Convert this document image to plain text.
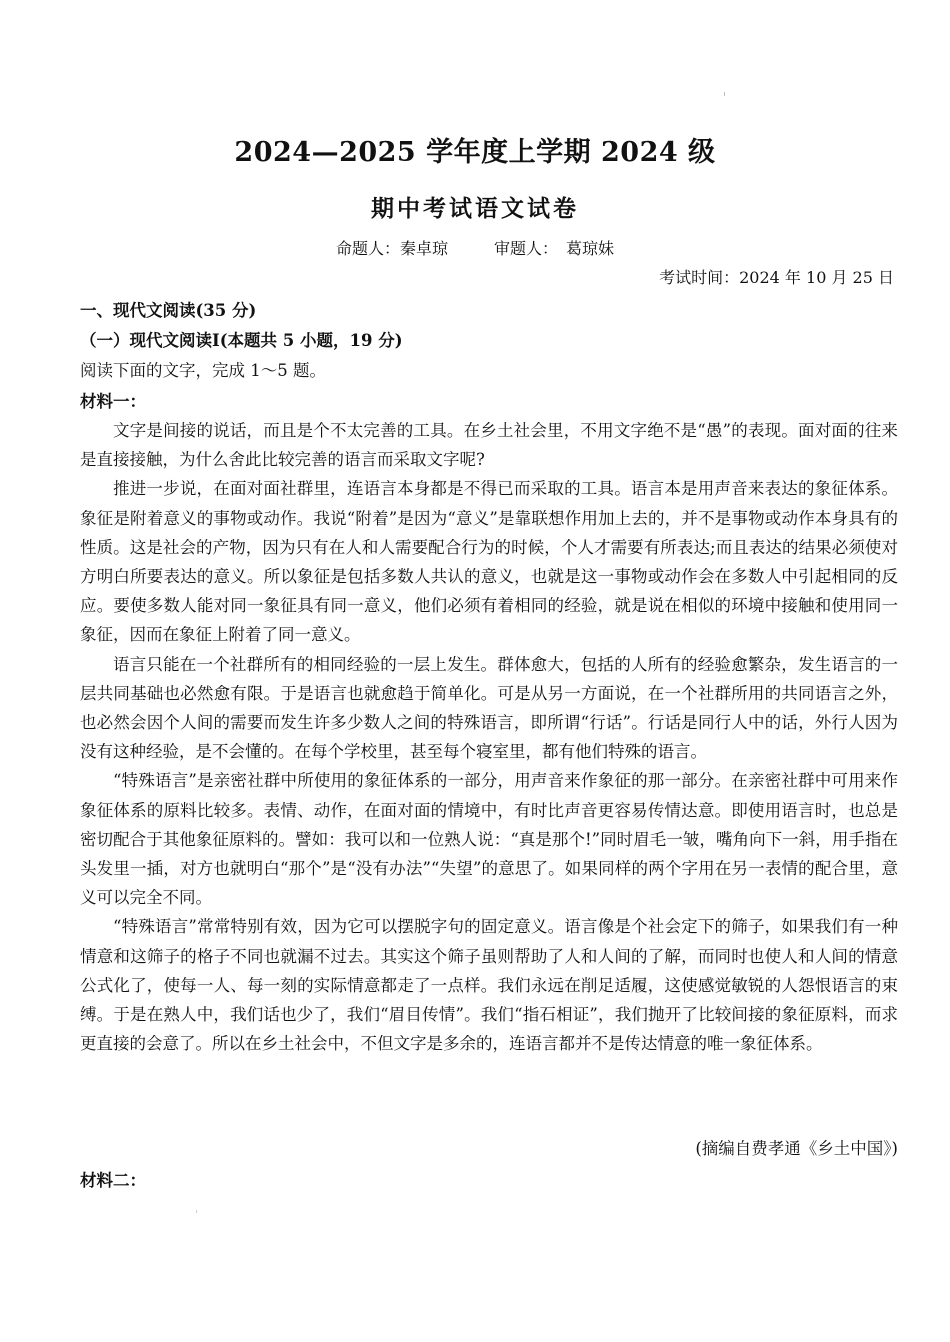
2024—2025 学年度上学期 2024 级
期中考试语文试卷
命题人：秦卓琼	审题人：　葛琼妹
考试时间：2024 年 10 月 25 日
一、现代文阅读(35 分)
（一）现代文阅读Ⅰ(本题共 5 小题，19 分)
阅读下面的文字，完成 1～5 题。
材料一：

文字是间接的说话，而且是个不太完善的工具。在乡土社会里，不用文字绝不是“愚”的表现。面对面的往来是直接接触，为什么舍此比较完善的语言而采取文字呢?

推进一步说，在面对面社群里，连语言本身都是不得已而采取的工具。语言本是用声音来表达的象征体系。象征是附着意义的事物或动作。我说“附着”是因为“意义”是靠联想作用加上去的，并不是事物或动作本身具有的性质。这是社会的产物，因为只有在人和人需要配合行为的时候，个人才需要有所表达;而且表达的结果必须使对方明白所要表达的意义。所以象征是包括多数人共认的意义，也就是这一事物或动作会在多数人中引起相同的反应。要使多数人能对同一象征具有同一意义，他们必须有着相同的经验，就是说在相似的环境中接触和使用同一象征，因而在象征上附着了同一意义。

语言只能在一个社群所有的相同经验的一层上发生。群体愈大，包括的人所有的经验愈繁杂，发生语言的一层共同基础也必然愈有限。于是语言也就愈趋于简单化。可是从另一方面说，在一个社群所用的共同语言之外，也必然会因个人间的需要而发生许多少数人之间的特殊语言，即所谓“行话”。行话是同行人中的话，外行人因为没有这种经验，是不会懂的。在每个学校里，甚至每个寝室里，都有他们特殊的语言。

“特殊语言”是亲密社群中所使用的象征体系的一部分，用声音来作象征的那一部分。在亲密社群中可用来作象征体系的原料比较多。表情、动作，在面对面的情境中，有时比声音更容易传情达意。即使用语言时，也总是密切配合于其他象征原料的。譬如：我可以和一位熟人说：“真是那个!”同时眉毛一皱，嘴角向下一斜，用手指在头发里一插，对方也就明白“那个”是“没有办法”“失望”的意思了。如果同样的两个字用在另一表情的配合里，意义可以完全不同。

“特殊语言”常常特别有效，因为它可以摆脱字句的固定意义。语言像是个社会定下的筛子，如果我们有一种情意和这筛子的格子不同也就漏不过去。其实这个筛子虽则帮助了人和人间的了解，而同时也使人和人间的情意公式化了，使每一人、每一刻的实际情意都走了一点样。我们永远在削足适履，这使感觉敏锐的人怨恨语言的束缚。于是在熟人中，我们话也少了，我们“眉目传情”。我们“指石相证”，我们抛开了比较间接的象征原料，而求更直接的会意了。所以在乡土社会中，不但文字是多余的，连语言都并不是传达情意的唯一象征体系。

(摘编自费孝通《乡土中国》)
材料二：
